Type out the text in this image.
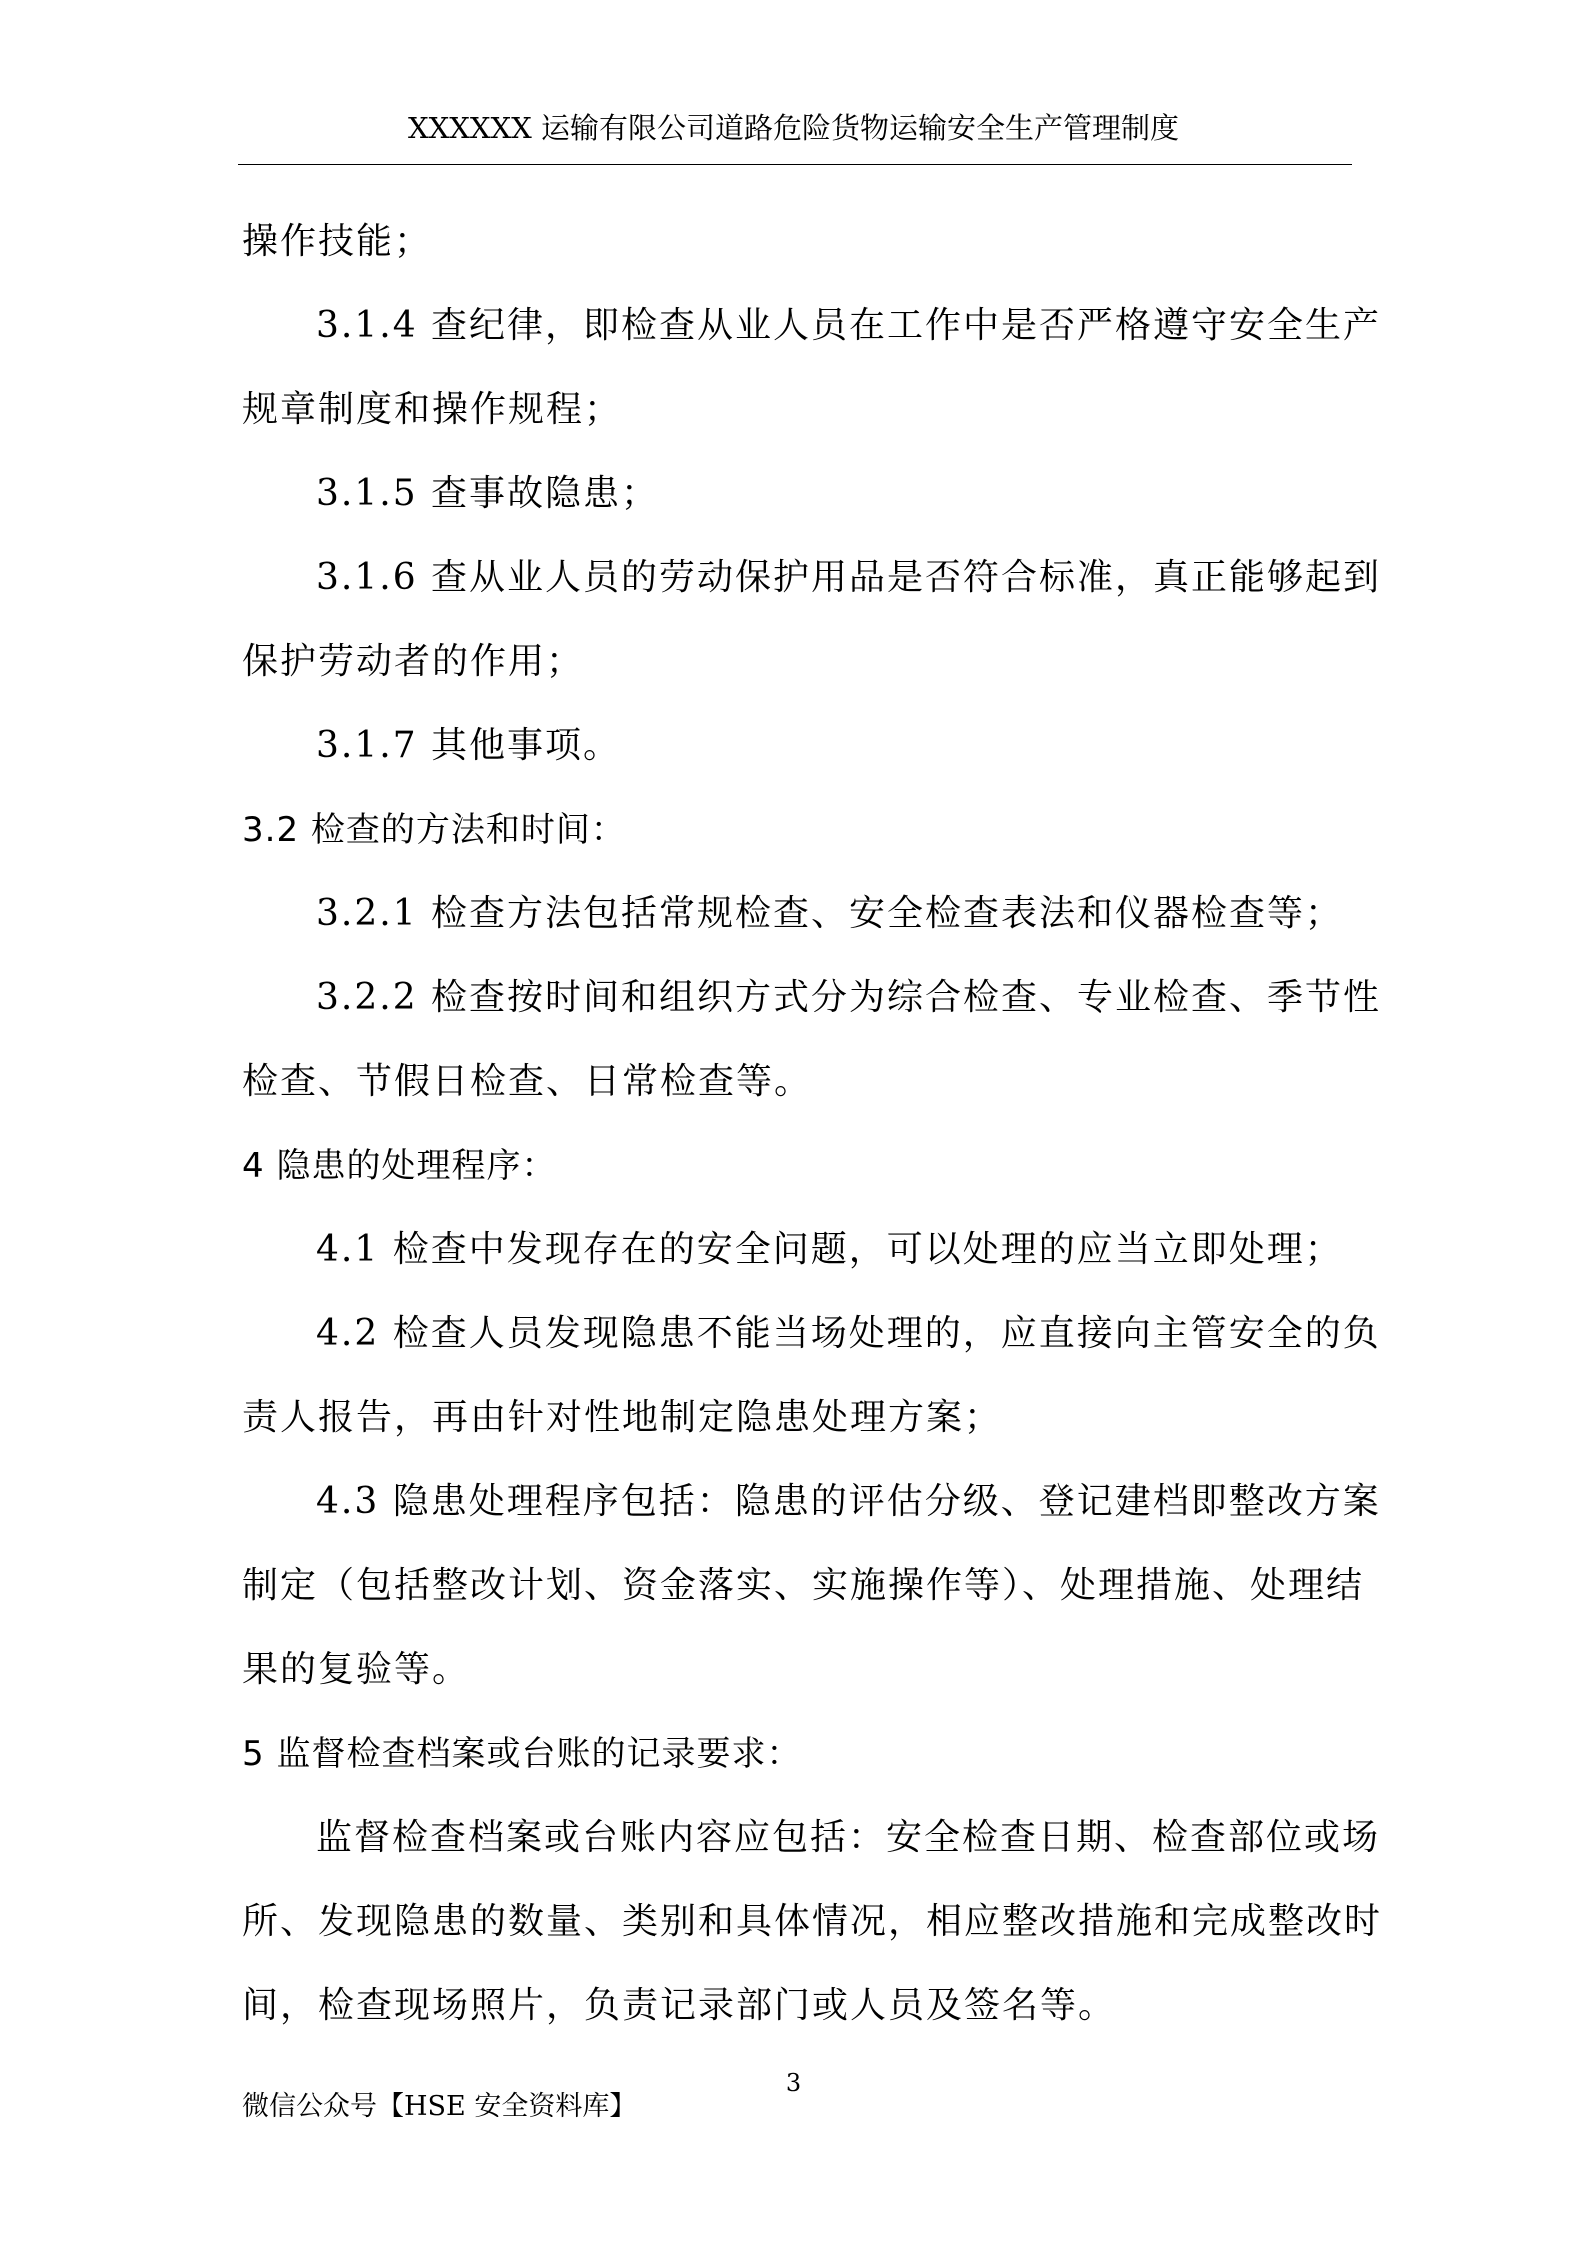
XXXXXX 运输有限公司道路危险货物运输安全生产管理制度

操作技能；

3.1.4 查纪律，即检查从业人员在工作中是否严格遵守安全生产

规章制度和操作规程；

3.1.5 查事故隐患；

3.1.6 查从业人员的劳动保护用品是否符合标准，真正能够起到

保护劳动者的作用；

3.1.7 其他事项。

3.2 检查的方法和时间：

3.2.1 检查方法包括常规检查、安全检查表法和仪器检查等；

3.2.2 检查按时间和组织方式分为综合检查、专业检查、季节性

检查、节假日检查、日常检查等。

4 隐患的处理程序：

4.1 检查中发现存在的安全问题，可以处理的应当立即处理；

4.2 检查人员发现隐患不能当场处理的，应直接向主管安全的负

责人报告，再由针对性地制定隐患处理方案；

4.3 隐患处理程序包括：隐患的评估分级、登记建档即整改方案

制定（包括整改计划、资金落实、实施操作等）、处理措施、处理结

果的复验等。

5 监督检查档案或台账的记录要求：

监督检查档案或台账内容应包括：安全检查日期、检查部位或场

所、发现隐患的数量、类别和具体情况，相应整改措施和完成整改时

间，检查现场照片，负责记录部门或人员及签名等。

3
微信公众号【HSE 安全资料库】
